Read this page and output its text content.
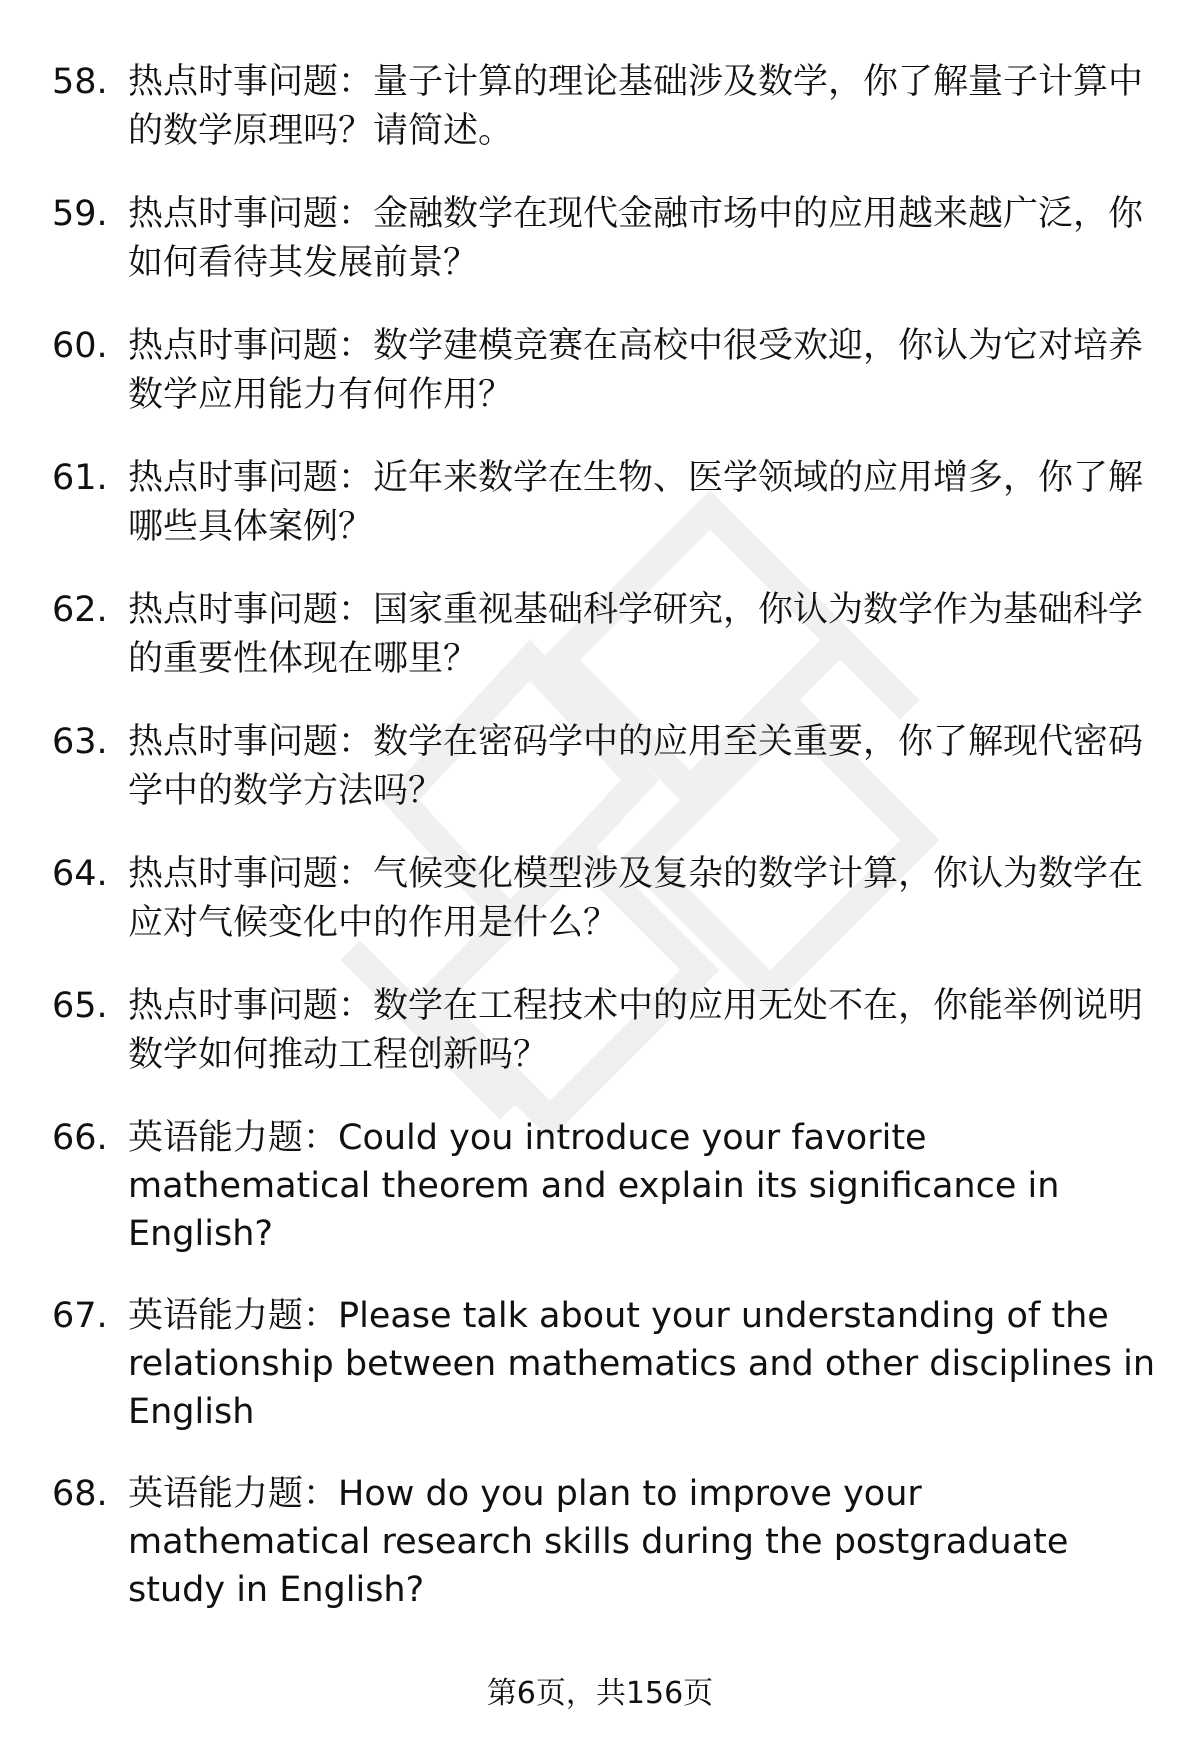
58. 热点时事问题：量子计算的理论基础涉及数学，你了解量子计算中的数学原理吗？请简述。
59. 热点时事问题：金融数学在现代金融市场中的应用越来越广泛，你如何看待其发展前景？
60. 热点时事问题：数学建模竞赛在高校中很受欢迎，你认为它对培养数学应用能力有何作用？
61. 热点时事问题：近年来数学在生物、医学领域的应用增多，你了解哪些具体案例？
62. 热点时事问题：国家重视基础科学研究，你认为数学作为基础科学的重要性体现在哪里？
63. 热点时事问题：数学在密码学中的应用至关重要，你了解现代密码学中的数学方法吗？
64. 热点时事问题：气候变化模型涉及复杂的数学计算，你认为数学在应对气候变化中的作用是什么？
65. 热点时事问题：数学在工程技术中的应用无处不在，你能举例说明数学如何推动工程创新吗？
66. 英语能力题：Could you introduce your favorite mathematical theorem and explain its significance in English?
67. 英语能力题：Please talk about your understanding of the relationship between mathematics and other disciplines in English
68. 英语能力题：How do you plan to improve your mathematical research skills during the postgraduate study in English?
第6页，共156页
